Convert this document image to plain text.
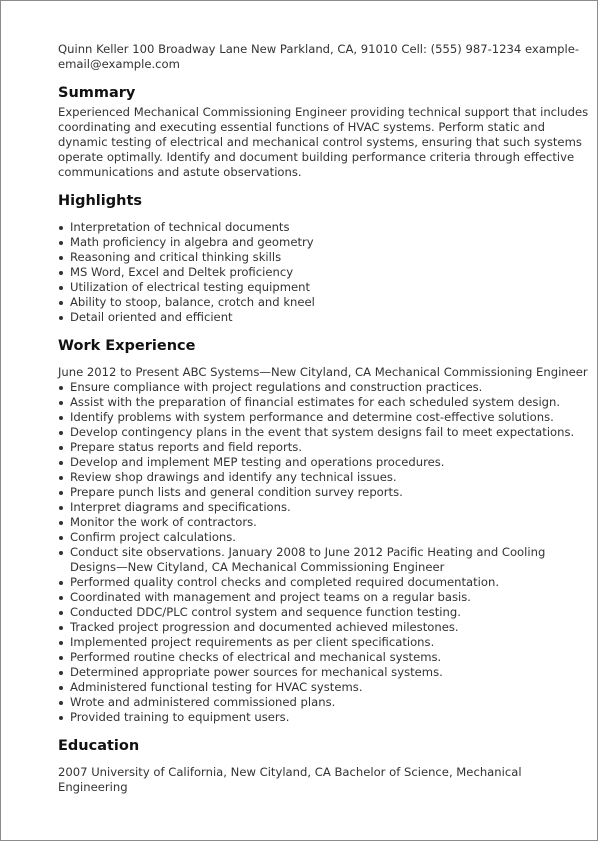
Quinn Keller 100 Broadway Lane New Parkland, CA, 91010 Cell: (555) 987-1234 example-email@example.com

Summary

Experienced Mechanical Commissioning Engineer providing technical support that includes coordinating and executing essential functions of HVAC systems. Perform static and dynamic testing of electrical and mechanical control systems, ensuring that such systems operate optimally. Identify and document building performance criteria through effective communications and astute observations.

Highlights
Interpretation of technical documents
Math proficiency in algebra and geometry
Reasoning and critical thinking skills
MS Word, Excel and Deltek proficiency
Utilization of electrical testing equipment
Ability to stoop, balance, crotch and kneel
Detail oriented and efficient
Work Experience

June 2012 to Present ABC Systems—New Cityland, CA Mechanical Commissioning Engineer

Ensure compliance with project regulations and construction practices.
Assist with the preparation of financial estimates for each scheduled system design.
Identify problems with system performance and determine cost-effective solutions.
Develop contingency plans in the event that system designs fail to meet expectations.
Prepare status reports and field reports.
Develop and implement MEP testing and operations procedures.
Review shop drawings and identify any technical issues.
Prepare punch lists and general condition survey reports.
Interpret diagrams and specifications.
Monitor the work of contractors.
Confirm project calculations.
Conduct site observations. January 2008 to June 2012 Pacific Heating and Cooling Designs—New Cityland, CA Mechanical Commissioning Engineer
Performed quality control checks and completed required documentation.
Coordinated with management and project teams on a regular basis.
Conducted DDC/PLC control system and sequence function testing.
Tracked project progression and documented achieved milestones.
Implemented project requirements as per client specifications.
Performed routine checks of electrical and mechanical systems.
Determined appropriate power sources for mechanical systems.
Administered functional testing for HVAC systems.
Wrote and administered commissioned plans.
Provided training to equipment users.
Education

2007 University of California, New Cityland, CA Bachelor of Science, Mechanical Engineering
